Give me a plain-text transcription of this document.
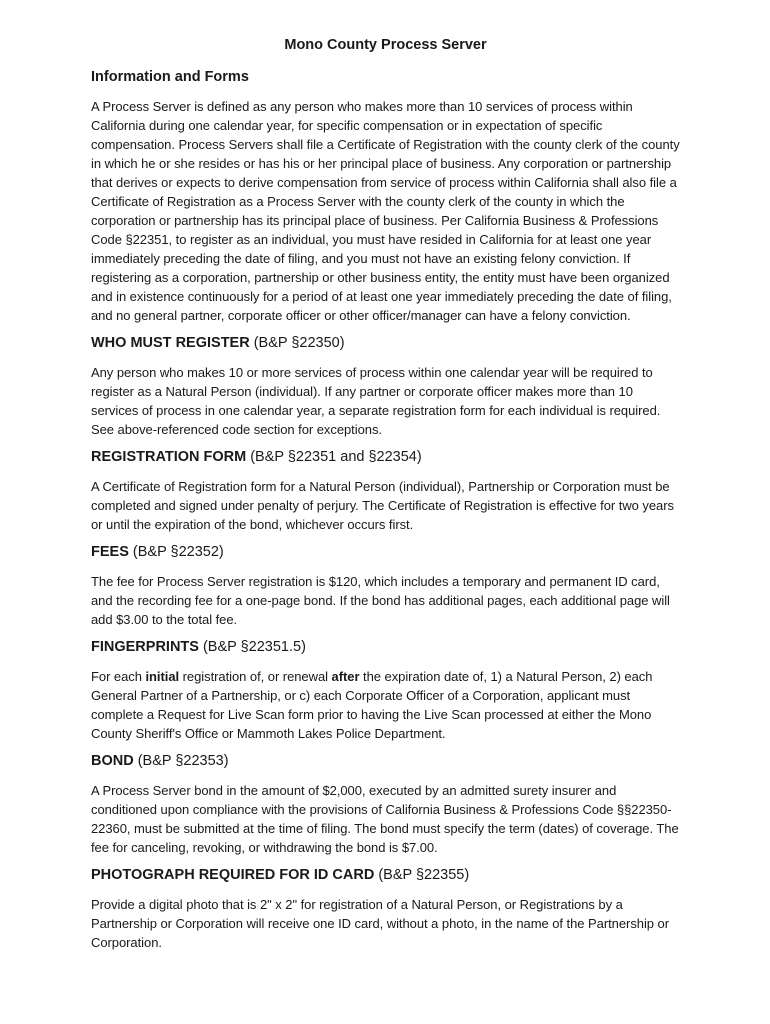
Mono County Process Server
Information and Forms

A Process Server is defined as any person who makes more than 10 services of process within California during one calendar year, for specific compensation or in expectation of specific compensation. Process Servers shall file a Certificate of Registration with the county clerk of the county in which he or she resides or has his or her principal place of business. Any corporation or partnership that derives or expects to derive compensation from service of process within California shall also file a Certificate of Registration as a Process Server with the county clerk of the county in which the corporation or partnership has its principal place of business. Per California Business & Professions Code §22351, to register as an individual, you must have resided in California for at least one year immediately preceding the date of filing, and you must not have an existing felony conviction. If registering as a corporation, partnership or other business entity, the entity must have been organized and in existence continuously for a period of at least one year immediately preceding the date of filing, and no general partner, corporate officer or other officer/manager can have a felony conviction.

WHO MUST REGISTER (B&P §22350)

Any person who makes 10 or more services of process within one calendar year will be required to register as a Natural Person (individual). If any partner or corporate officer makes more than 10 services of process in one calendar year, a separate registration form for each individual is required. See above-referenced code section for exceptions.

REGISTRATION FORM (B&P §22351 and §22354)

A Certificate of Registration form for a Natural Person (individual), Partnership or Corporation must be completed and signed under penalty of perjury. The Certificate of Registration is effective for two years or until the expiration of the bond, whichever occurs first.

FEES (B&P §22352)

The fee for Process Server registration is $120, which includes a temporary and permanent ID card, and the recording fee for a one-page bond. If the bond has additional pages, each additional page will add $3.00 to the total fee.

FINGERPRINTS (B&P §22351.5)

For each initial registration of, or renewal after the expiration date of, 1) a Natural Person, 2) each General Partner of a Partnership, or c) each Corporate Officer of a Corporation, applicant must complete a Request for Live Scan form prior to having the Live Scan processed at either the Mono County Sheriff's Office or Mammoth Lakes Police Department.

BOND (B&P §22353)

A Process Server bond in the amount of $2,000, executed by an admitted surety insurer and conditioned upon compliance with the provisions of California Business & Professions Code §§22350-22360, must be submitted at the time of filing. The bond must specify the term (dates) of coverage. The fee for canceling, revoking, or withdrawing the bond is $7.00.

PHOTOGRAPH REQUIRED FOR ID CARD (B&P §22355)

Provide a digital photo that is 2" x 2" for registration of a Natural Person, or Registrations by a Partnership or Corporation will receive one ID card, without a photo, in the name of the Partnership or Corporation.
